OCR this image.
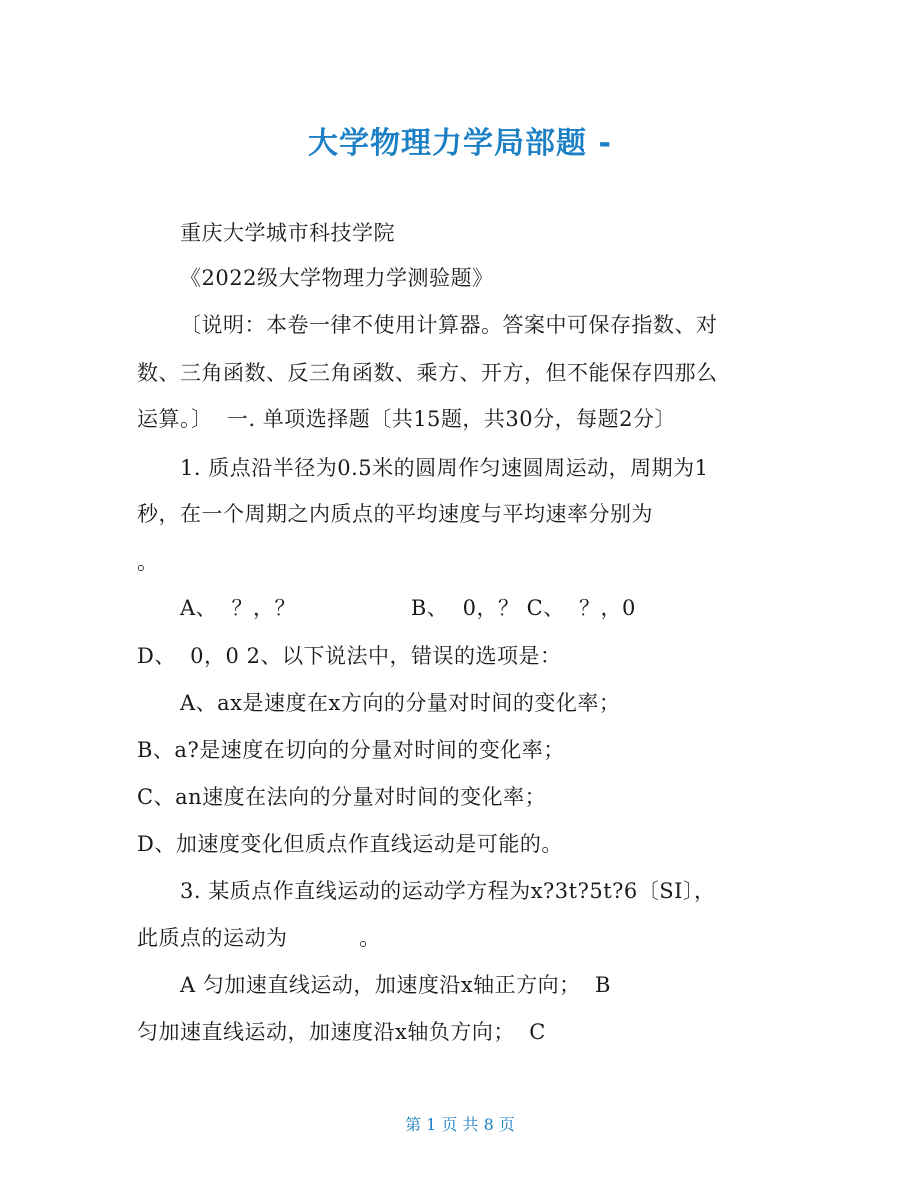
大学物理力学局部题 -
重庆大学城市科技学院
《2022级大学物理力学测验题》
〔说明：本卷一律不使用计算器。答案中可保存指数、对
数、三角函数、反三角函数、乘方、开方，但不能保存四那么
运算。〕  一. 单项选择题〔共15题，共30分，每题2分〕
1. 质点沿半径为0.5米的圆周作匀速圆周运动，周期为1
秒，在一个周期之内质点的平均速度与平均速率分别为
。
A、  ？，？                B、  0，？ C、  ？，0
D、  0，0 2、以下说法中，错误的选项是：
A、ax是速度在x方向的分量对时间的变化率；
B、a?是速度在切向的分量对时间的变化率；
C、an速度在法向的分量对时间的变化率；
D、加速度变化但质点作直线运动是可能的。
3. 某质点作直线运动的运动学方程为x?3t?5t?6〔SI〕，
此质点的运动为          。
A 匀加速直线运动，加速度沿x轴正方向；  B
匀加速直线运动，加速度沿x轴负方向；  C
第 1 页 共 8 页
